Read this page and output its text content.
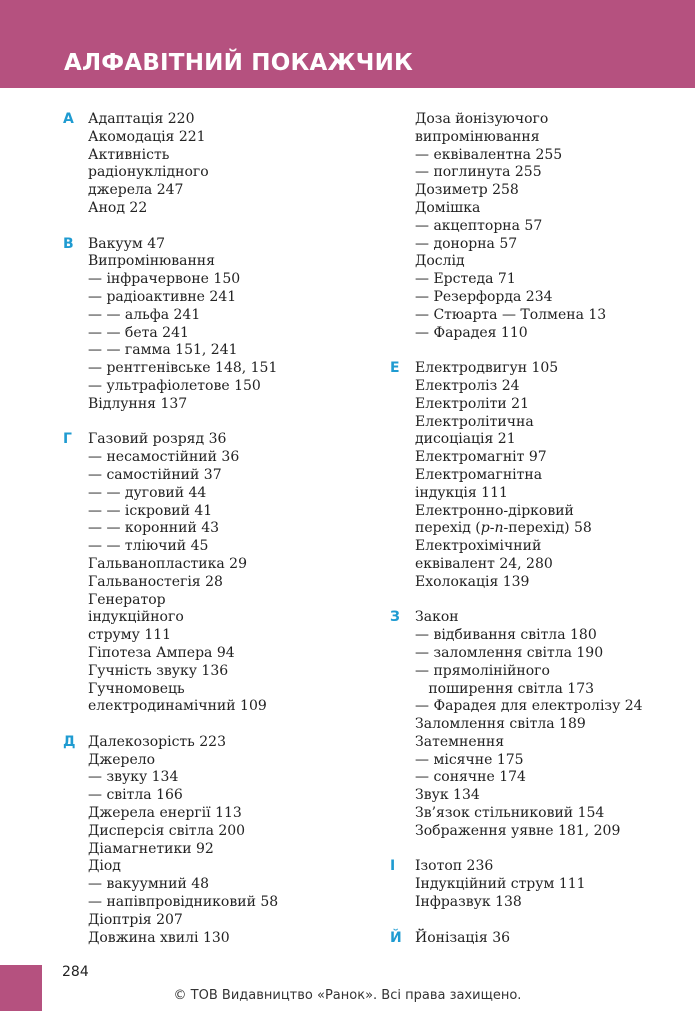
АЛФАВІТНИЙ ПОКАЖЧИК
А Адаптація 220
Акомодація 221
Активність
радіонуклідного
джерела 247
Анод 22
В Вакуум 47
Випромінювання
— інфрачервоне 150
— радіоактивне 241
— — альфа 241
— — бета 241
— — гамма 151, 241
— рентгенівське 148, 151
— ультрафіолетове 150
Відлуння 137
Г Газовий розряд 36
— несамостійний 36
— самостійний 37
— — дуговий 44
— — іскровий 41
— — коронний 43
— — тліючий 45
Гальванопластика 29
Гальваностегія 28
Генератор
індукційного
струму 111
Гіпотеза Ампера 94
Гучність звуку 136
Гучномовець
електродинамічний 109
Д Далекозорість 223
Джерело
— звуку 134
— світла 166
Джерела енергії 113
Дисперсія світла 200
Діамагнетики 92
Діод
— вакуумний 48
— напівпровідниковий 58
Діоптрія 207
Довжина хвилі 130
Доза йонізуючого
випромінювання
— еквівалентна 255
— поглинута 255
Дозиметр 258
Домішка
— акцепторна 57
— донорна 57
Дослід
— Ерстеда 71
— Резерфорда 234
— Стюарта — Толмена 13
— Фарадея 110
Е Електродвигун 105
Електроліз 24
Електроліти 21
Електролітична
дисоціація 21
Електромагніт 97
Електромагнітна
індукція 111
Електронно-дірковий
перехід (p-n-перехід) 58
Електрохімічний
еквівалент 24, 280
Ехолокація 139
З Закон
— відбивання світла 180
— заломлення світла 190
— прямолінійного
поширення світла 173
— Фарадея для електролізу 24
Заломлення світла 189
Затемнення
— місячне 175
— сонячне 174
Звук 134
Зв’язок стільниковий 154
Зображення уявне 181, 209
І Ізотоп 236
Індукційний струм 111
Інфразвук 138
Й Йонізація 36
284
© ТОВ Видавництво «Ранок». Всі права захищено.
